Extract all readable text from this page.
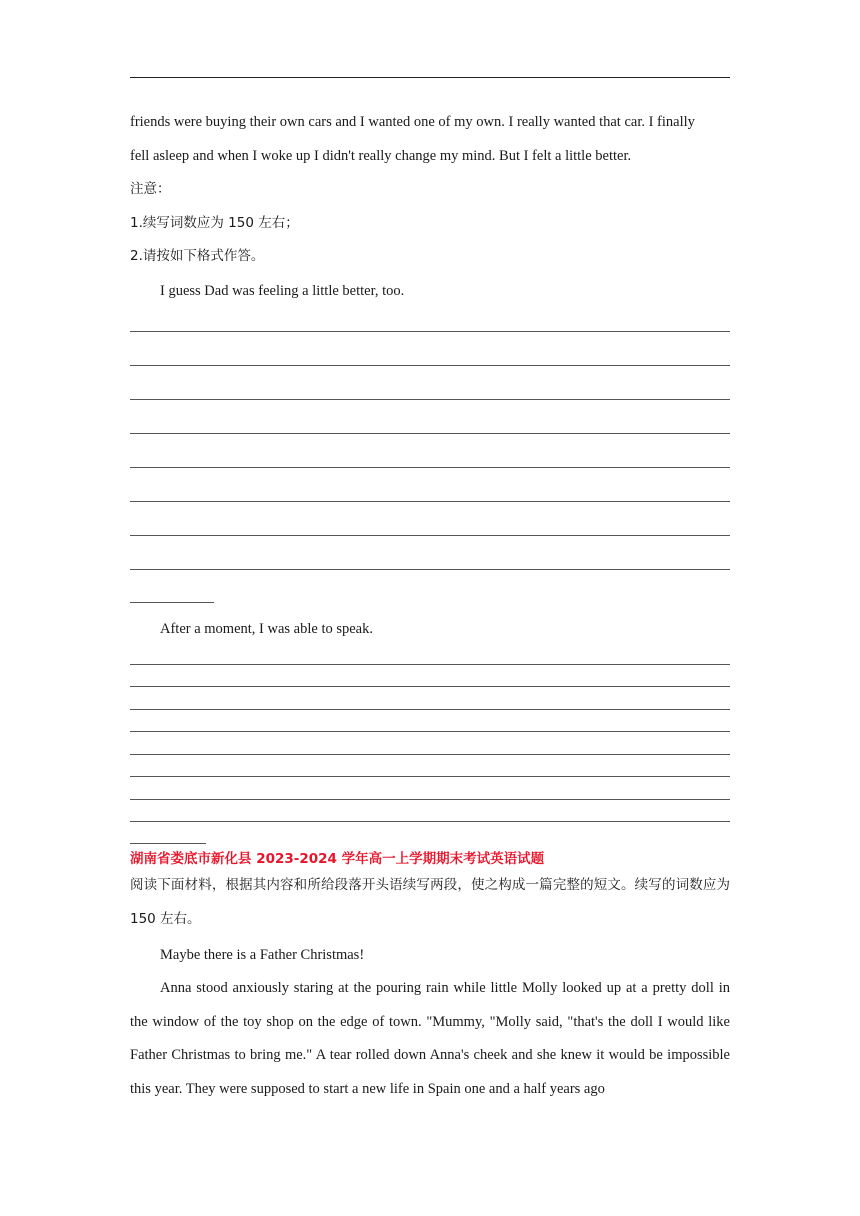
friends were buying their own cars and I wanted one of my own. I really wanted that car. I finally
fell asleep and when I woke up I didn't really change my mind. But I felt a little better.
注意：
1.续写词数应为 150 左右；
2.请按如下格式作答。
I guess Dad was feeling a little better, too.
After a moment, I was able to speak.
湖南省娄底市新化县 2023-2024 学年高一上学期期末考试英语试题
阅读下面材料，根据其内容和所给段落开头语续写两段，使之构成一篇完整的短文。续写的词数应为 150 左右。
Maybe there is a Father Christmas!
Anna stood anxiously staring at the pouring rain while little Molly looked up at a pretty doll in the window of the toy shop on the edge of town. "Mummy, "Molly said, "that's the doll I would like Father Christmas to bring me." A tear rolled down Anna's cheek and she knew it would be impossible this year. They were supposed to start a new life in Spain one and a half years ago
